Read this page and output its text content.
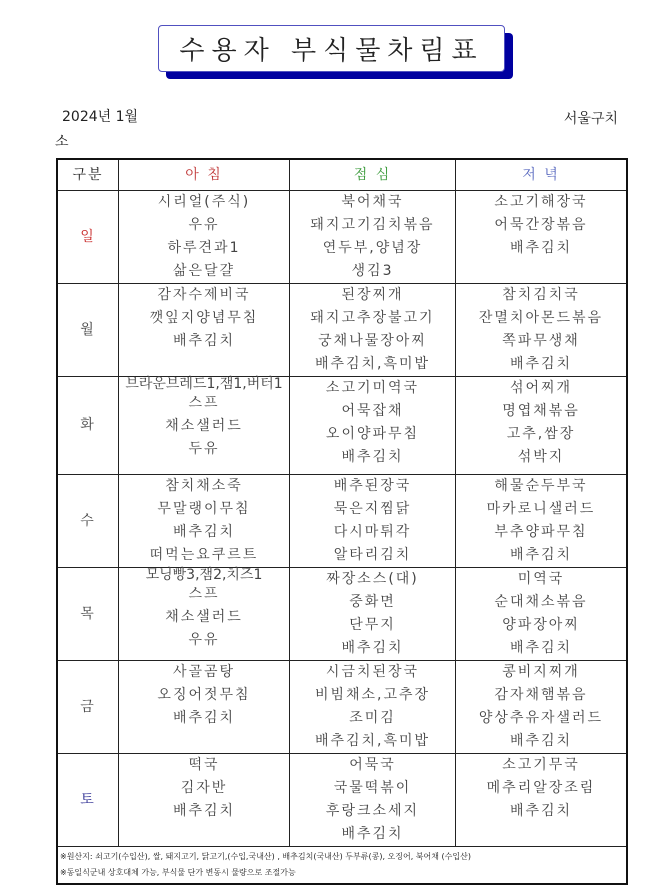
수용자 부식물차림표
2024년 1월	서울구치
소
구분	아 침	점 심	저 녁
일	시리얼(주식)
우유
하루견과1
삶은달걀	북어채국
돼지고기김치볶음
연두부,양념장
생김3	소고기해장국
어묵간장볶음
배추김치

월	감자수제비국
깻잎지양념무침
배추김치	된장찌개
돼지고추장불고기
궁채나물장아찌
배추김치,흑미밥	참치김치국
잔멸치아몬드볶음
쪽파무생채
배추김치

화	브라운브레드1,잼1,버터1
스프
채소샐러드
두유	소고기미역국
어묵잡채
오이양파무침
배추김치	섞어찌개
명엽채볶음
고추,쌈장
섞박지

수	참치채소죽
무말랭이무침
배추김치
떠먹는요쿠르트	배추된장국
묵은지찜닭
다시마튀각
알타리김치	해물순두부국
마카로니샐러드
부추양파무침
배추김치

목	모닝빵3,잼2,치즈1
스프
채소샐러드
우유	짜장소스(대)
중화면
단무지
배추김치	미역국
순대채소볶음
양파장아찌
배추김치

금	사골곰탕
오징어젓무침
배추김치	시금치된장국
비빔채소,고추장
조미김
배추김치,흑미밥	콩비지찌개
감자채햄볶음
양상추유자샐러드
배추김치

토	떡국
김자반
배추김치	어묵국
국물떡볶이
후랑크소세지
배추김치	소고기무국
메추리알장조림
배추김치

※원산지: 쇠고기(수입산), 쌀, 돼지고기, 닭고기,(수입,국내산) , 배추김치(국내산) 두부류(콩), 오징어, 북어채 (수입산)
※동일식군내 상호대체 가능, 부식물 단가 변동시 물량으로 조절가능			
